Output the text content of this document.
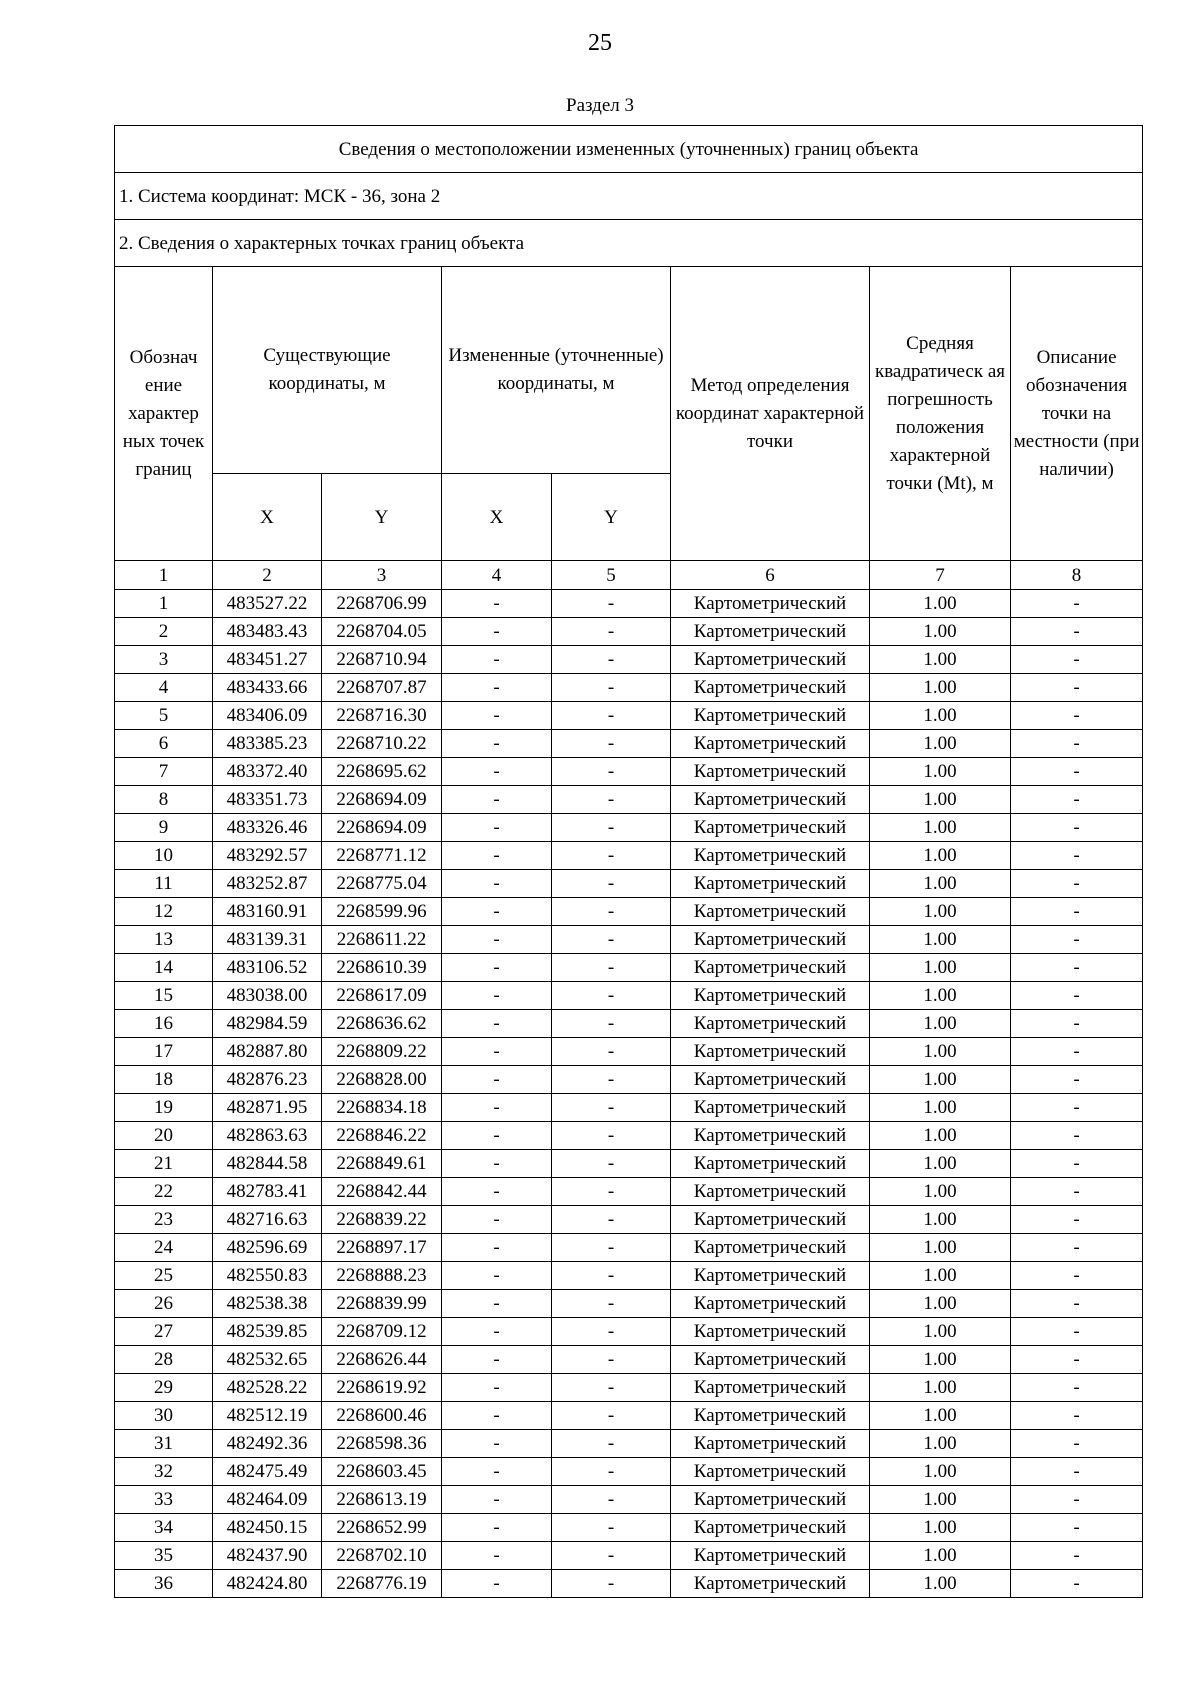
25
Раздел 3
Сведения о местоположении измененных (уточненных) границ объекта							
1. Система координат: МСК - 36, зона 2							
2. Сведения о характерных точках границ объекта							
Обознач ение характер ных точек границ	Существующие координаты, м		Измененные (уточненные) координаты, м		Метод определения координат характерной точки	Средняя квадратическ ая погрешность положения характерной точки (Mt), м	Описание обозначения точки на местности (при наличии)
	X	Y	X	Y			
1	2	3	4	5	6	7	8
1	483527.22	2268706.99	-	-	Картометрический	1.00	-
2	483483.43	2268704.05	-	-	Картометрический	1.00	-
3	483451.27	2268710.94	-	-	Картометрический	1.00	-
4	483433.66	2268707.87	-	-	Картометрический	1.00	-
5	483406.09	2268716.30	-	-	Картометрический	1.00	-
6	483385.23	2268710.22	-	-	Картометрический	1.00	-
7	483372.40	2268695.62	-	-	Картометрический	1.00	-
8	483351.73	2268694.09	-	-	Картометрический	1.00	-
9	483326.46	2268694.09	-	-	Картометрический	1.00	-
10	483292.57	2268771.12	-	-	Картометрический	1.00	-
11	483252.87	2268775.04	-	-	Картометрический	1.00	-
12	483160.91	2268599.96	-	-	Картометрический	1.00	-
13	483139.31	2268611.22	-	-	Картометрический	1.00	-
14	483106.52	2268610.39	-	-	Картометрический	1.00	-
15	483038.00	2268617.09	-	-	Картометрический	1.00	-
16	482984.59	2268636.62	-	-	Картометрический	1.00	-
17	482887.80	2268809.22	-	-	Картометрический	1.00	-
18	482876.23	2268828.00	-	-	Картометрический	1.00	-
19	482871.95	2268834.18	-	-	Картометрический	1.00	-
20	482863.63	2268846.22	-	-	Картометрический	1.00	-
21	482844.58	2268849.61	-	-	Картометрический	1.00	-
22	482783.41	2268842.44	-	-	Картометрический	1.00	-
23	482716.63	2268839.22	-	-	Картометрический	1.00	-
24	482596.69	2268897.17	-	-	Картометрический	1.00	-
25	482550.83	2268888.23	-	-	Картометрический	1.00	-
26	482538.38	2268839.99	-	-	Картометрический	1.00	-
27	482539.85	2268709.12	-	-	Картометрический	1.00	-
28	482532.65	2268626.44	-	-	Картометрический	1.00	-
29	482528.22	2268619.92	-	-	Картометрический	1.00	-
30	482512.19	2268600.46	-	-	Картометрический	1.00	-
31	482492.36	2268598.36	-	-	Картометрический	1.00	-
32	482475.49	2268603.45	-	-	Картометрический	1.00	-
33	482464.09	2268613.19	-	-	Картометрический	1.00	-
34	482450.15	2268652.99	-	-	Картометрический	1.00	-
35	482437.90	2268702.10	-	-	Картометрический	1.00	-
36	482424.80	2268776.19	-	-	Картометрический	1.00	-
